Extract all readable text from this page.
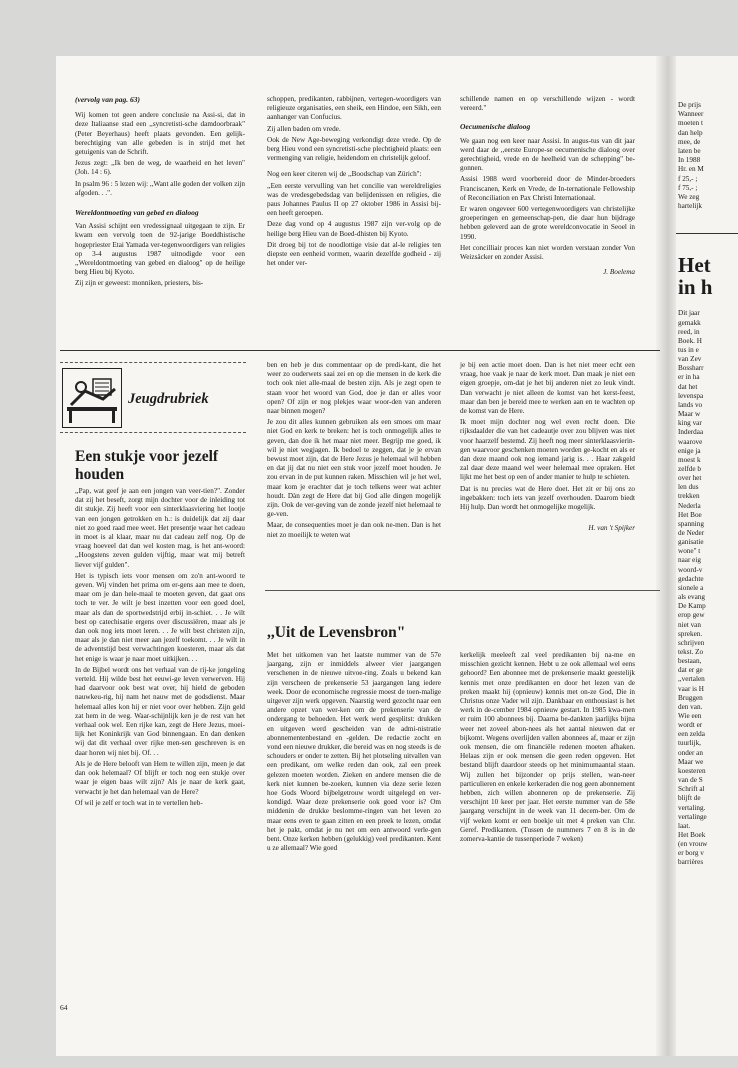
De prijs
Wanneer
moeten t
dan help
mee, de
laten be
In 1988
Hr. en M
f 25,- ;
f 75,- ;
We zeg
hartelijk
Het
in h
Dit jaar
gemakk
reed, in
Boek. H
tus in e
van Zev
Bossharr
er in ha
dat het
levenspa
lands vo
Maar w
king var
Inderdaa
waarove
enige ja
moest k
zelfde b
over het
len dus
trekken
Nederla
Het Boe
spanning
de Neder
ganisatie
wone" t
naar eig
woord-v
gedachte
sionele a
als evang
De Kamp
erop gew
niet van
spreken.
schrijven
tekst. Zo
bestaan,
dat er ge
,,vertalen
vaar is H
Bruggen
den van.
Wie een
wordt er
een zelda
tuurlijk,
onder an
Maar we
koesteren
van de S
Schrift al
blijft de
vertaling.
vertalinge
laat.
Het Boek
(en vrouw
er borg v
barrières
(vervolg van pag. 63)

Wij komen tot geen andere conclusie na Assi-si, dat in deze Italiaanse stad een ,,syncretisti-sche damdoorbraak" (Peter Beyerhaus) heeft plaats gevonden. Een gelijk-berechtiging van alle gebeden is in strijd met het getuigenis van de Schrift.

Jezus zegt: ,,Ik ben de weg, de waarheid en het leven" (Joh. 14 : 6).

In psalm 96 : 5 lezen wij: ,,Want alle goden der volken zijn afgoden. . .".

Wereldontmoeting van gebed en dialoog

Van Assisi schijnt een vredessignaal uitgegaan te zijn. Er kwam een vervolg toen de 92-jarige Boeddhistische hogepriester Etai Yamada ver-tegenwoordigers van religies op 3-4 augustus 1987 uitnodigde voor een ,,Wereldontmoeting van gebed en dialoog" op de heilige berg Hieu bij Kyoto.

Zij zijn er geweest: monniken, priesters, bis-

schoppen, predikanten, rabbijnen, vertegen-woordigers van religieuze organisaties, een sheik, een Hindoe, een Sikh, een aanhanger van Confucius.

Zij allen baden om vrede.

Ook de New Age-beweging verkondigt deze vrede. Op de berg Hieu vond een syncretisti-sche plechtigheid plaats: een vermenging van religie, heidendom en christelijk geloof.

Nog een keer citeren wij de ,,Boodschap van Zürich":

,,Een eerste vervulling van het concilie van wereldreligies was de vredesgebedsdag van belijdenissen en religies, die paus Johannes Paulus II op 27 oktober 1986 in Assisi bij-een heeft geroepen.

Deze dag vond op 4 augustus 1987 zijn ver-volg op de heilige berg Hieu van de Boed-dhisten bij Kyoto.

Dit droeg bij tot de noodlottige visie dat al-le religies ten diepste een eenheid vormen, waarin dezelfde godheid - zij het onder ver-

schillende namen en op verschillende wijzen - wordt vereerd."

Oecumenische dialoog

We gaan nog een keer naar Assisi. In augus-tus van dit jaar werd daar de ,,eerste Europe-se oecumenische dialoog over gerechtigheid, vrede en de heelheid van de schepping" be-gonnen.

Assisi 1988 werd voorbereid door de Minder-broeders Franciscanen, Kerk en Vrede, de In-ternationale Fellowship of Reconciliation en Pax Christi Internationaal.

Er waren ongeveer 600 vertegenwoordigers van christelijke groeperingen en gemeenschap-pen, die daar hun bijdrage hebben geleverd aan de grote wereldconvocatie in Seoel in 1990.

Het concilliair proces kan niet worden verstaan zonder Von Weizsäcker en zonder Assisi.

J. Boelema
Jeugdrubriek
Een stukje voor jezelf
houden

,,Pap, wat geef je aan een jongen van veer-tien?". Zonder dat zij het beseft, zorgt mijn dochter voor de inleiding tot dit stukje. Zij heeft voor een sinterklaasviering het lootje van een jongen getrokken en h.: is duidelijk dat zij daar niet zo goed raad mee weet. Het presentje waar het cadeau in moet is al klaar, maar nu dat cadeau zelf nog. Op de vraag hoeveel dat dan wel kosten mag, is het ant-woord: ,,Hoogstens zeven gulden vijftig, maar wat mij betreft liever vijf gulden".

Het is typisch iets voor mensen om zo'n ant-woord te geven. Wij vinden het prima om er-gens aan mee te doen, maar om je dan hele-maal te moeten geven, dat gaat ons toch te ver. Je wilt je best inzetten voor een goed doel, maar als dan de sportwedstrijd erbij in-schiet. . . Je wilt best op catechisatie ergens over discussiëren, maar als je dan ook nog iets moet leren. . . Je wilt best christen zijn, maar als je dan niet meer aan jezelf toekomt. . . Je wilt in de adventstijd best verwachtingen koesteren, maar als dat het enige is waar je naar moet uitkijken. . .

In de Bijbel wordt ons het verhaal van de rij-ke jongeling verteld. Hij wilde best het eeuwi-ge leven verwerven. Hij had daarvoor ook best wat over, hij hield de geboden nauwkeu-rig, hij nam het nauw met de godsdienst. Maar helemaal alles kon hij er niet voor over hebben. Zijn geld zat hem in de weg. Waar-schijnlijk ken je de rest van het verhaal ook wel. Een rijke kan, zegt de Here Jezus, moei-lijk het Koninkrijk van God binnengaan. En dan denken wij dat dit verhaal over rijke men-sen geschreven is en daar horen wij niet bij. Of. . .

Als je de Here belooft van Hem te willen zijn, meen je dat dan ook helemaal? Of blijft er toch nog een stukje over waar je eigen baas wilt zijn? Als je naar de kerk gaat, verwacht je het dan helemaal van de Here?

Of wil je zelf er toch wat in te vertellen heb-

ben en heb je dus commentaar op de predi-kant, die het weer zo ouderwets saai zei en op die mensen in de kerk die toch ook niet alle-maal de besten zijn. Als je zegt open te staan voor het woord van God, doe je dan er alles voor open? Of zijn er nog plekjes waar woor-den van anderen naar binnen mogen?

Je zou dit alles kunnen gebruiken als een smoes om maar niet God en kerk te breken: het is toch onmogelijk alles te geven, dan doe ik het maar niet meer. Begrijp me goed, ik wil je niet wegjagen. Ik bedoel te zeggen, dat je je ervan bewust moet zijn, dat de Here Jezus je helemaal wil hebben en dat jij dat nu niet een stuk voor jezelf moet houden. Je zou ervan in de put kunnen raken. Misschien wil je het wel, maar kom je erachter dat je toch telkens weer wat achter houdt. Dàn zegt de Here dat bij God alle dingen mogelijk zijn. Ook de ver-geving van de zonde jezelf niet helemaal te ge-ven.

Maar, de consequenties moet je dan ook ne-men. Dan is het niet zo moeilijk te weten wat

je bij een actie moet doen. Dan is het niet meer echt een vraag, hoe vaak je naar de kerk moet. Dan maak je niet een eigen groepje, om-dat je het bij anderen niet zo leuk vindt. Dan verwacht je niet alleen de komst van het kerst-feest, maar dan ben je bereid mee te werken aan en te wachten op de komst van de Here.

Ik moet mijn dochter nog wel even recht doen. Die rijksdaalder die van het cadeautje over zou blijven was niet voor haarzelf bestemd. Zij heeft nog meer sinterklaasvierin-gen waarvoor geschenken moeten worden ge-kocht en als er dan deze maand ook nog iemand jarig is. . . Haar zakgeld zal daar deze maand wel weer helemaal mee opraken. Het lijkt me het best op een of ander manier te hulp te schieten.

Dat is nu precies wat de Here doet. Het zit er bij ons zo ingebakken: toch iets van jezelf overhouden. Daarom biedt Hij hulp. Dan wordt het onmogelijke mogelijk.

H. van 't Spijker
,,Uit de Levensbron"

Met het uitkomen van het laatste nummer van de 57e jaargang, zijn er inmiddels alweer vier jaargangen verschenen in de nieuwe uitvoe-ring. Zoals u bekend kan zijn verscheen de prekenserie 53 jaargangen lang iedere week. Door de economische regressie moest de toen-malige uitgever zijn werk opgeven. Naarstig werd gezocht naar een andere opzet van wer-ken om de prekenserie van de ondergang te behoeden. Het werk werd gesplitst: drukken en uitgeven werd gescheiden van de admi-nistratie abonnementenbestand en -gelden. De redactie zocht en vond een nieuwe drukker, die bereid was en nog steeds is de schouders er onder te zetten. Bij het plotseling uitvallen van een predikant, om welke reden dan ook, zal een preek gelezen moeten worden. Zieken en andere mensen die de kerk niet kunnen be-zoeken, kunnen via deze serie lezen hoe Gods Woord bijbelgetrouw wordt uitgelegd en ver-kondigd. Waar deze prekenserie ook goed voor is? Om middenin de drukke beslomme-ringen van het leven zo maar eens even te gaan zitten en een preek te lezen, omdat het je pakt, omdat je nu net om een antwoord verle-gen bent. Onze kerken hebben (gelukkig) veel predikanten. Kent u ze allemaal? Wie goed

kerkelijk meeleeft zal veel predikanten bij na-me en misschien gezicht kennen. Hebt u ze ook allemaal wel eens gehoord? Een abonnee met de prekenserie maakt geestelijk kennis met onze predikanten en door het lezen van de preken maakt hij (opnieuw) kennis met on-ze God, Die in Christus onze Vader wil zijn. Dankbaar en enthousiast is het werk in de-cember 1984 opnieuw gestart. In 1985 kwa-men er ruim 100 abonnees bij. Daarna be-dankten jaarlijks bijna weer net zoveel abon-nees als het aantal nieuwen dat er bijkomt. Wegens overlijden vallen abonnees af, maar er zijn ook mensen, die om financiële redenen moeten afhaken. Helaas zijn er ook mensen die geen reden opgeven. Het bestand blijft daardoor steeds op het minimumaantal staan. Wij zullen het bijzonder op prijs stellen, wan-neer particulieren en enkele kerkeraden die nog geen abonnement hebben, zich willen abonneren op de prekenserie. Zij verschijnt 10 keer per jaar. Het eerste nummer van de 58e jaargang verschijnt in de week van 11 decem-ber. Om de vijf weken komt er een boekje uit met 4 preken van Chr. Geref. Predikanten. (Tussen de nummers 7 en 8 is in de zomerva-kantie de tussenperiode 7 weken)

64
